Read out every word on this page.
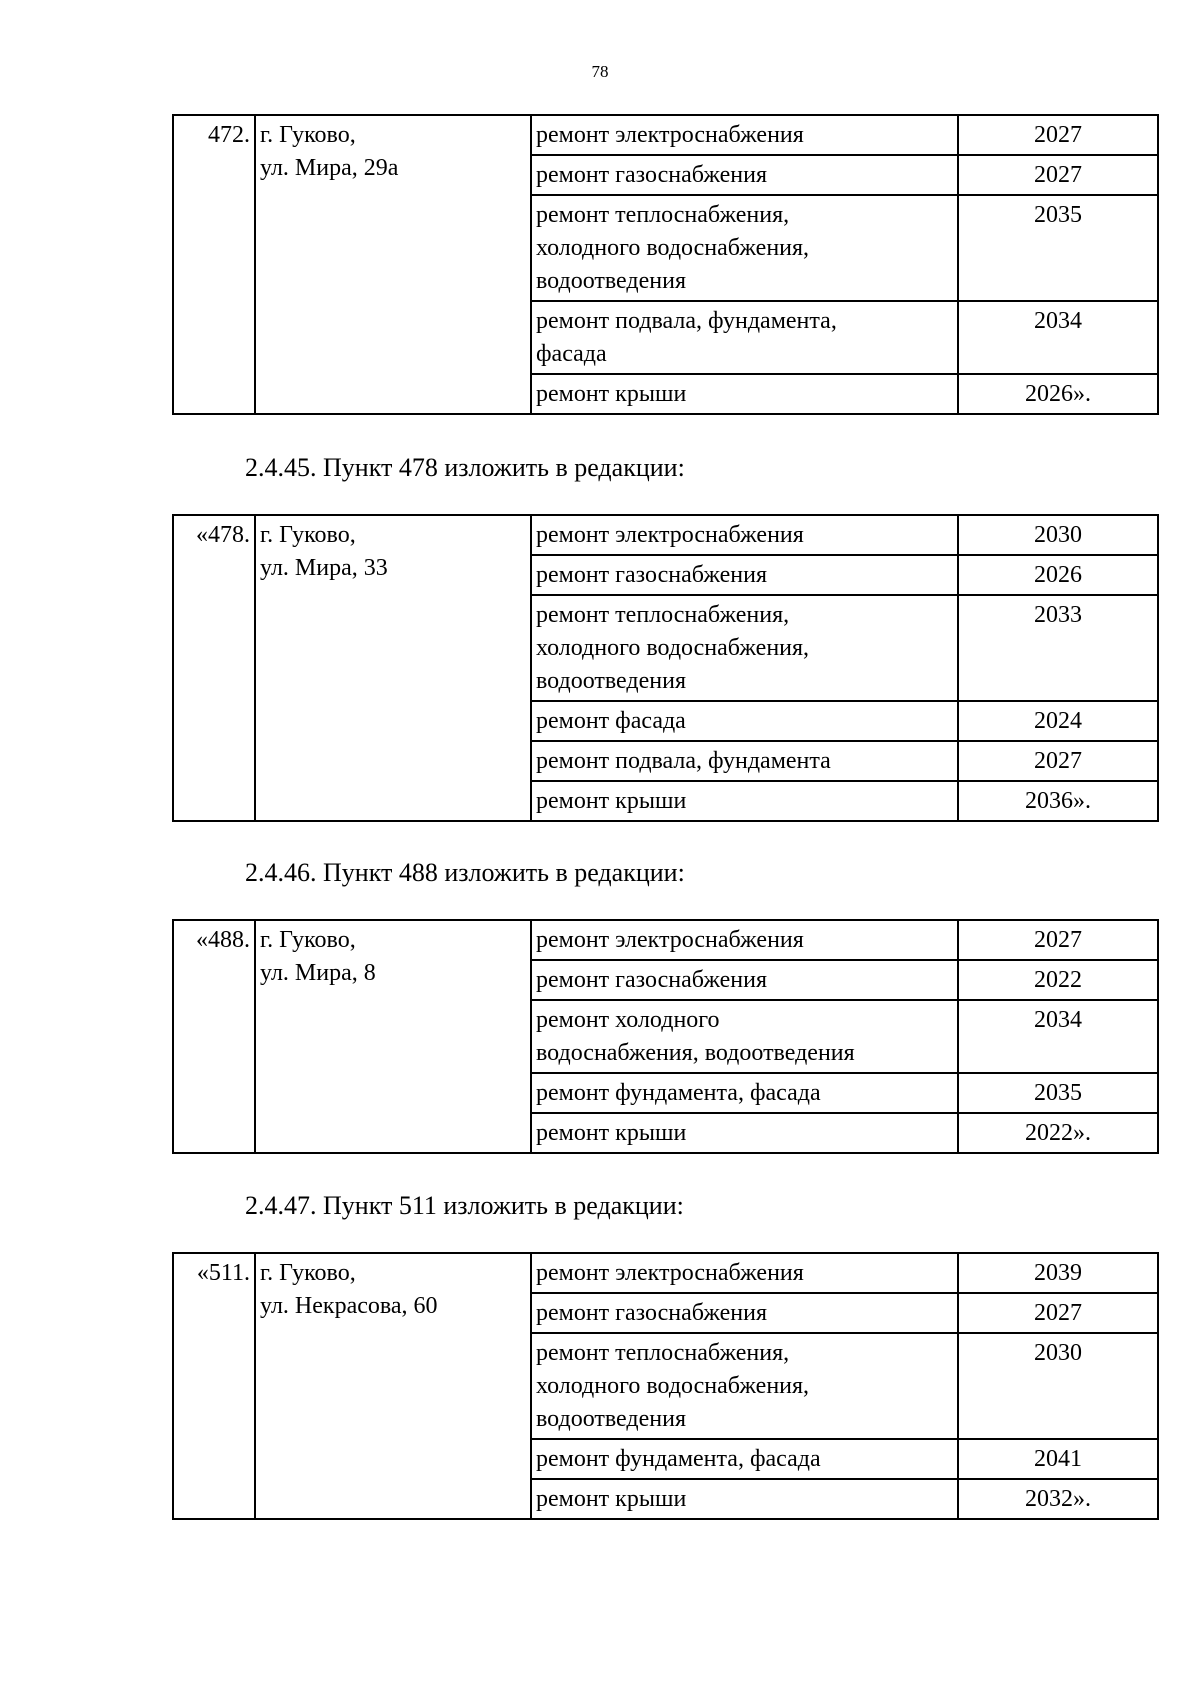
78
472.	г. Гуково,
ул. Мира, 29а	ремонт электроснабжения	2027

		ремонт газоснабжения	2027

		ремонт теплоснабжения,
холодного водоснабжения,
водоотведения	2035

		ремонт подвала, фундамента,
фасада	2034

		ремонт крыши	2026».
2.4.45. Пункт 478 изложить в редакции:
«478.	г. Гуково,
ул. Мира, 33	ремонт электроснабжения	2030

		ремонт газоснабжения	2026

		ремонт теплоснабжения,
холодного водоснабжения,
водоотведения	2033

		ремонт фасада	2024

		ремонт подвала, фундамента	2027

		ремонт крыши	2036».
2.4.46. Пункт 488 изложить в редакции:
«488.	г. Гуково,
ул. Мира, 8	ремонт электроснабжения	2027

		ремонт газоснабжения	2022

		ремонт холодного
водоснабжения, водоотведения	2034

		ремонт фундамента, фасада	2035

		ремонт крыши	2022».
2.4.47. Пункт 511 изложить в редакции:
«511.	г. Гуково,
ул. Некрасова, 60	ремонт электроснабжения	2039

		ремонт газоснабжения	2027

		ремонт теплоснабжения,
холодного водоснабжения,
водоотведения	2030

		ремонт фундамента, фасада	2041

		ремонт крыши	2032».
